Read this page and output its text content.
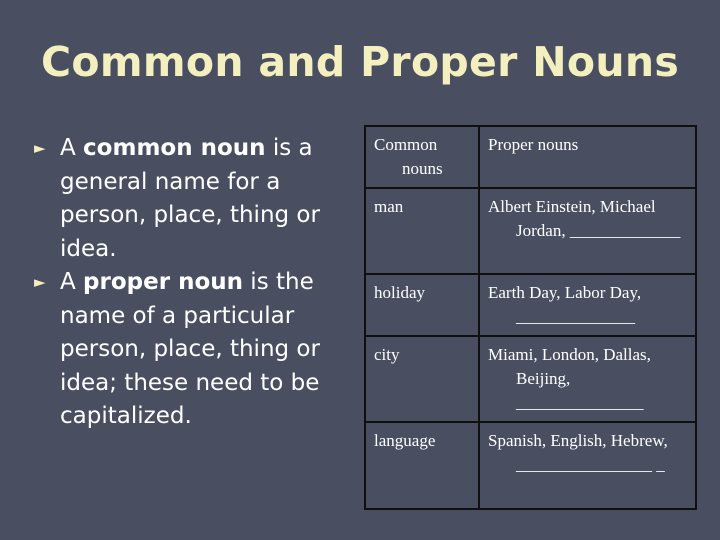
Common and Proper Nouns

► A common noun is a general name for a person, place, thing or idea.

► A proper noun is the name of a particular person, place, thing or idea; these need to be capitalized.

Common nouns	Proper nouns

man	Albert Einstein, Michael Jordan, _____________

holiday	Earth Day, Labor Day, ______________

city	Miami, London, Dallas, Beijing, _______________

language	Spanish, English, Hebrew, ________________ _
